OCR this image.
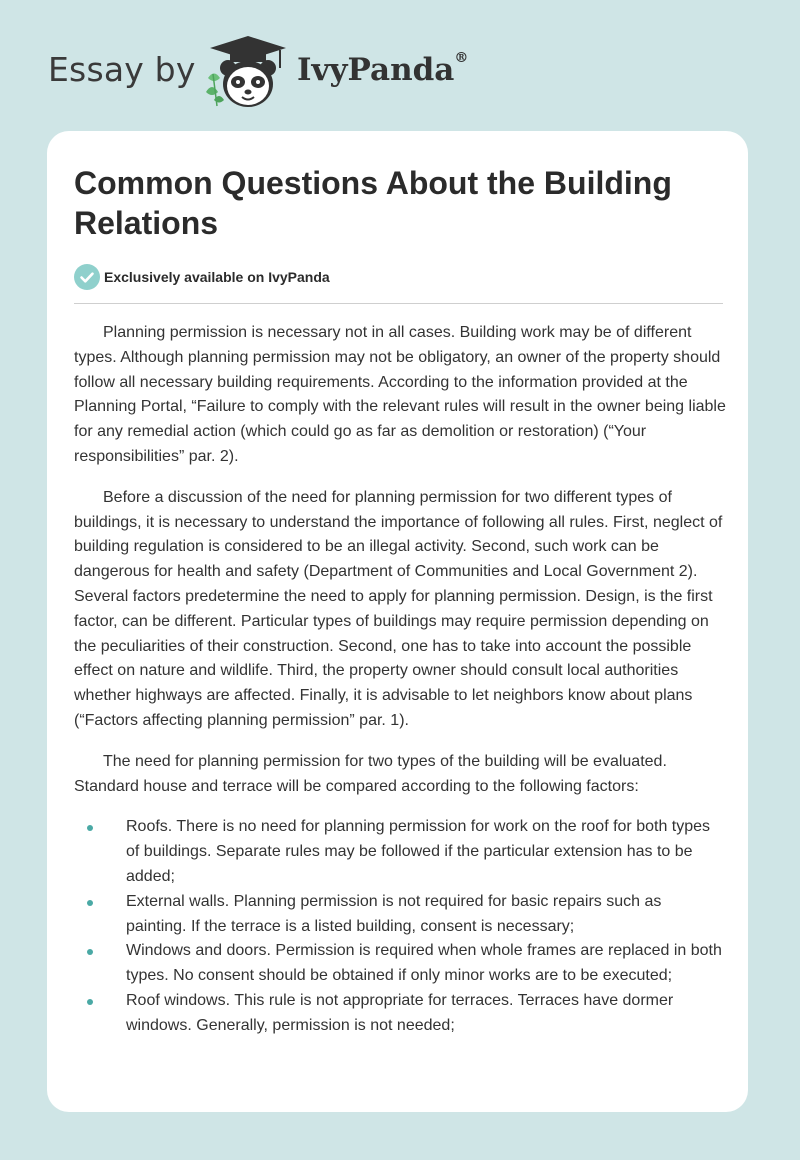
Essay by	IvyPanda®
Common Questions About the Building Relations
Exclusively available on IvyPanda

Planning permission is necessary not in all cases. Building work may be of different types. Although planning permission may not be obligatory, an owner of the property should follow all necessary building requirements. According to the information provided at the Planning Portal, “Failure to comply with the relevant rules will result in the owner being liable for any remedial action (which could go as far as demolition or restoration) (“Your responsibilities” par. 2).

Before a discussion of the need for planning permission for two different types of buildings, it is necessary to understand the importance of following all rules. First, neglect of building regulation is considered to be an illegal activity. Second, such work can be dangerous for health and safety (Department of Communities and Local Government 2). Several factors predetermine the need to apply for planning permission. Design, is the first factor, can be different. Particular types of buildings may require permission depending on the peculiarities of their construction. Second, one has to take into account the possible effect on nature and wildlife. Third, the property owner should consult local authorities whether highways are affected. Finally, it is advisable to let neighbors know about plans (“Factors affecting planning permission” par. 1).

The need for planning permission for two types of the building will be evaluated. Standard house and terrace will be compared according to the following factors:

Roofs. There is no need for planning permission for work on the roof for both types of buildings. Separate rules may be followed if the particular extension has to be added;
External walls. Planning permission is not required for basic repairs such as painting. If the terrace is a listed building, consent is necessary;
Windows and doors. Permission is required when whole frames are replaced in both types. No consent should be obtained if only minor works are to be executed;
Roof windows. This rule is not appropriate for terraces. Terraces have dormer windows. Generally, permission is not needed;
